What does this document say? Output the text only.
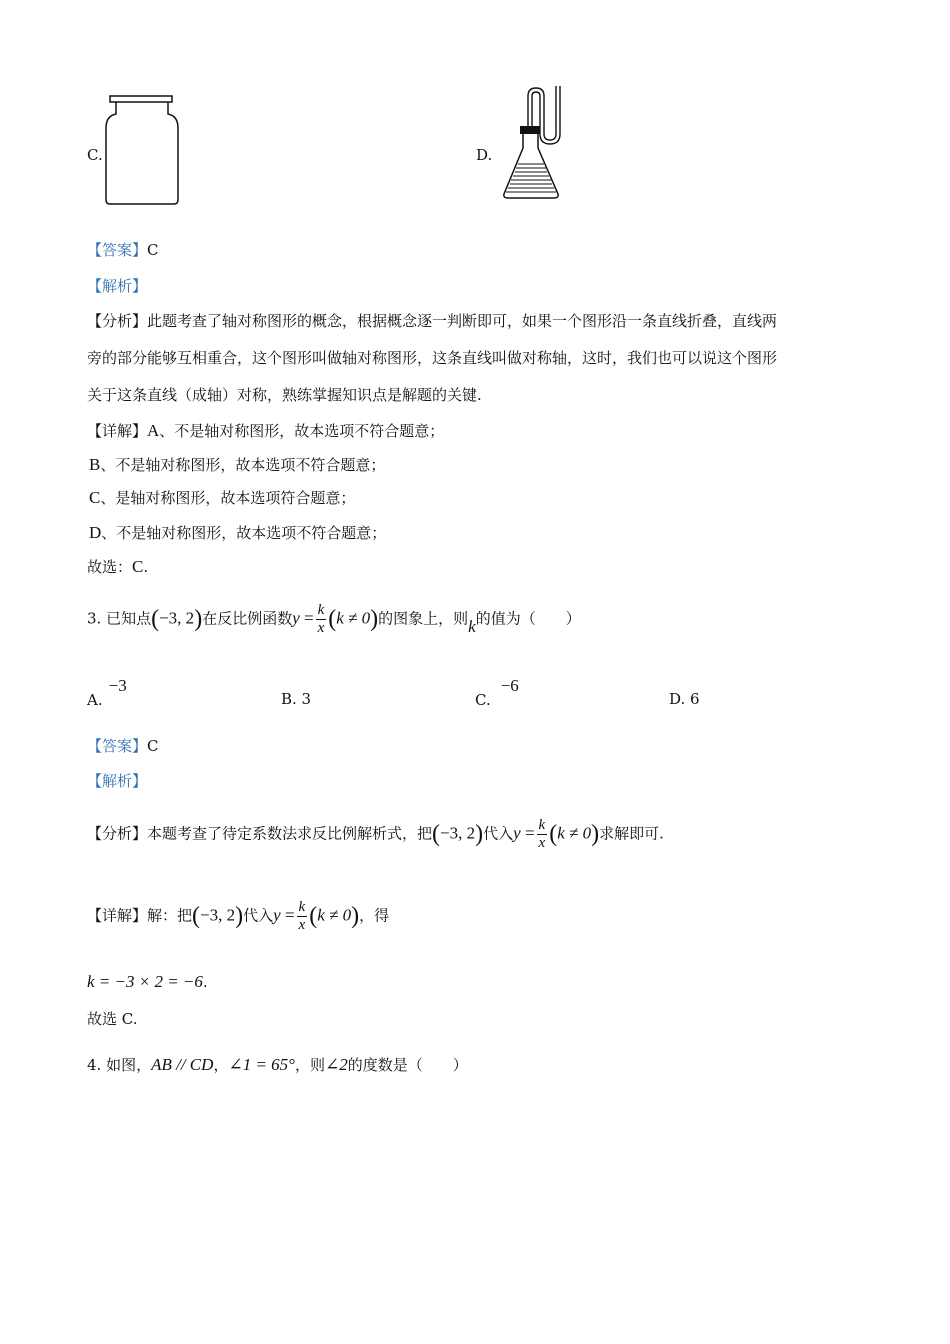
C.	D.
【答案】C
【解析】
【分析】此题考查了轴对称图形的概念，根据概念逐一判断即可，如果一个图形沿一条直线折叠，直线两
旁的部分能够互相重合，这个图形叫做轴对称图形，这条直线叫做对称轴，这时，我们也可以说这个图形
关于这条直线（成轴）对称，熟练掌握知识点是解题的关键.
【详解】A、不是轴对称图形，故本选项不符合题意；
B、不是轴对称图形，故本选项不符合题意；
C、是轴对称图形，故本选项符合题意；
D、不是轴对称图形，故本选项不符合题意；
故选：C.
3. 已知点(−3, 2)在反比例函数$y = \frac{k}{x} (k \ne 0)$的图象上，则k的值为（　　）
A.−3
B. 3	C.−6
D. 6
【答案】C
【解析】
【分析】本题考查了待定系数法求反比例解析式，把(−3, 2)代入$y = \frac{k}{x} (k \ne 0)$求解即可.
【详解】解：把(−3, 2)代入$y = \frac{k}{x} (k \ne 0)$，得
k = −3 × 2 = −6.
故选 C.
4. 如图，AB // CD，∠1 = 65°，则∠2的度数是（　　）
